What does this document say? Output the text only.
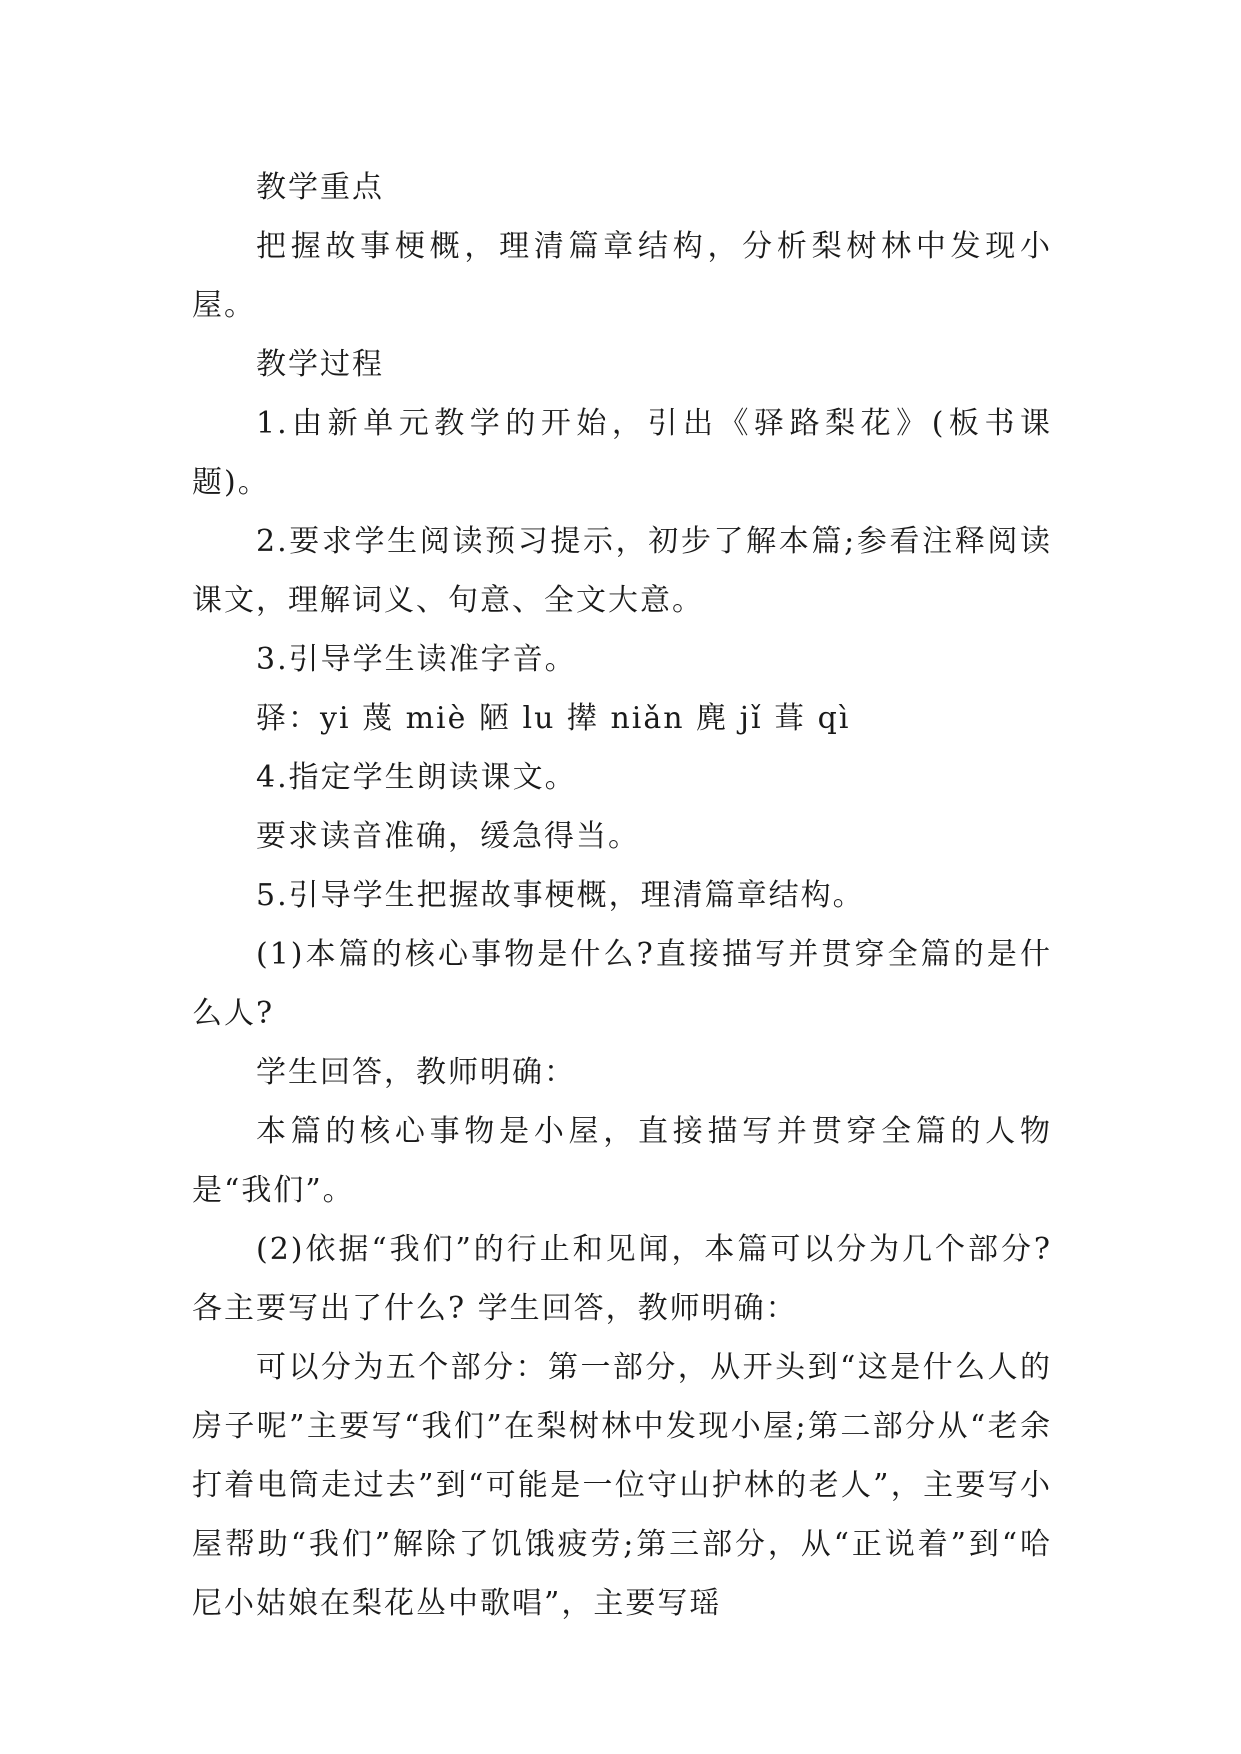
教学重点

把握故事梗概，理清篇章结构，分析梨树林中发现小屋。

教学过程

1.由新单元教学的开始，引出《驿路梨花》(板书课题)。

2.要求学生阅读预习提示，初步了解本篇;参看注释阅读课文，理解词义、句意、全文大意。

3.引导学生读准字音。

驿：yi 蔑 miè 陋 lu 撵 niǎn 麂 jǐ 葺 qì

4.指定学生朗读课文。

要求读音准确，缓急得当。

5.引导学生把握故事梗概，理清篇章结构。

(1)本篇的核心事物是什么?直接描写并贯穿全篇的是什么人?

学生回答，教师明确：

本篇的核心事物是小屋，直接描写并贯穿全篇的人物是“我们”。

(2)依据“我们”的行止和见闻，本篇可以分为几个部分?各主要写出了什么? 学生回答，教师明确：

可以分为五个部分：第一部分，从开头到“这是什么人的房子呢”主要写“我们”在梨树林中发现小屋;第二部分从“老余打着电筒走过去”到“可能是一位守山护林的老人”，主要写小屋帮助“我们”解除了饥饿疲劳;第三部分，从“正说着”到“哈尼小姑娘在梨花丛中歌唱”，主要写瑶
